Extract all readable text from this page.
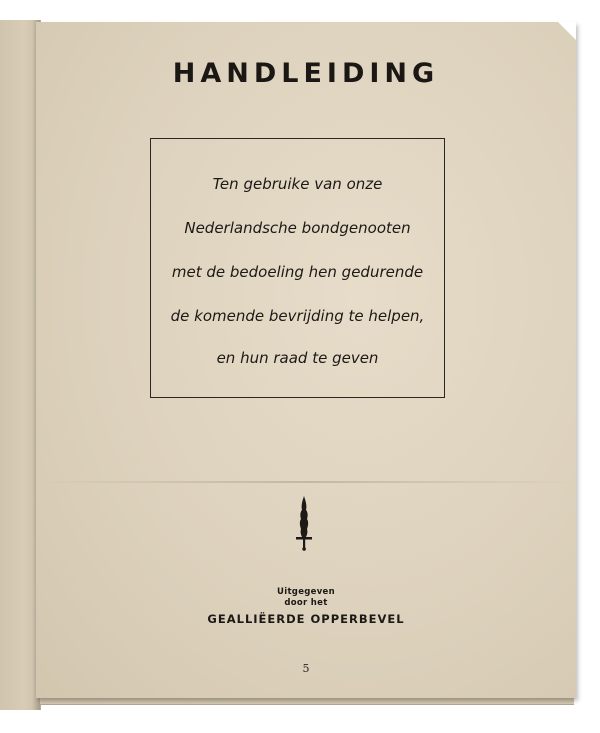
HANDLEIDING
Ten gebruike van onze
Nederlandsche bondgenooten
met de bedoeling hen gedurende
de komende bevrijding te helpen,
en hun raad te geven
Uitgegeven
door het
GEALLIËERDE OPPERBEVEL
5
